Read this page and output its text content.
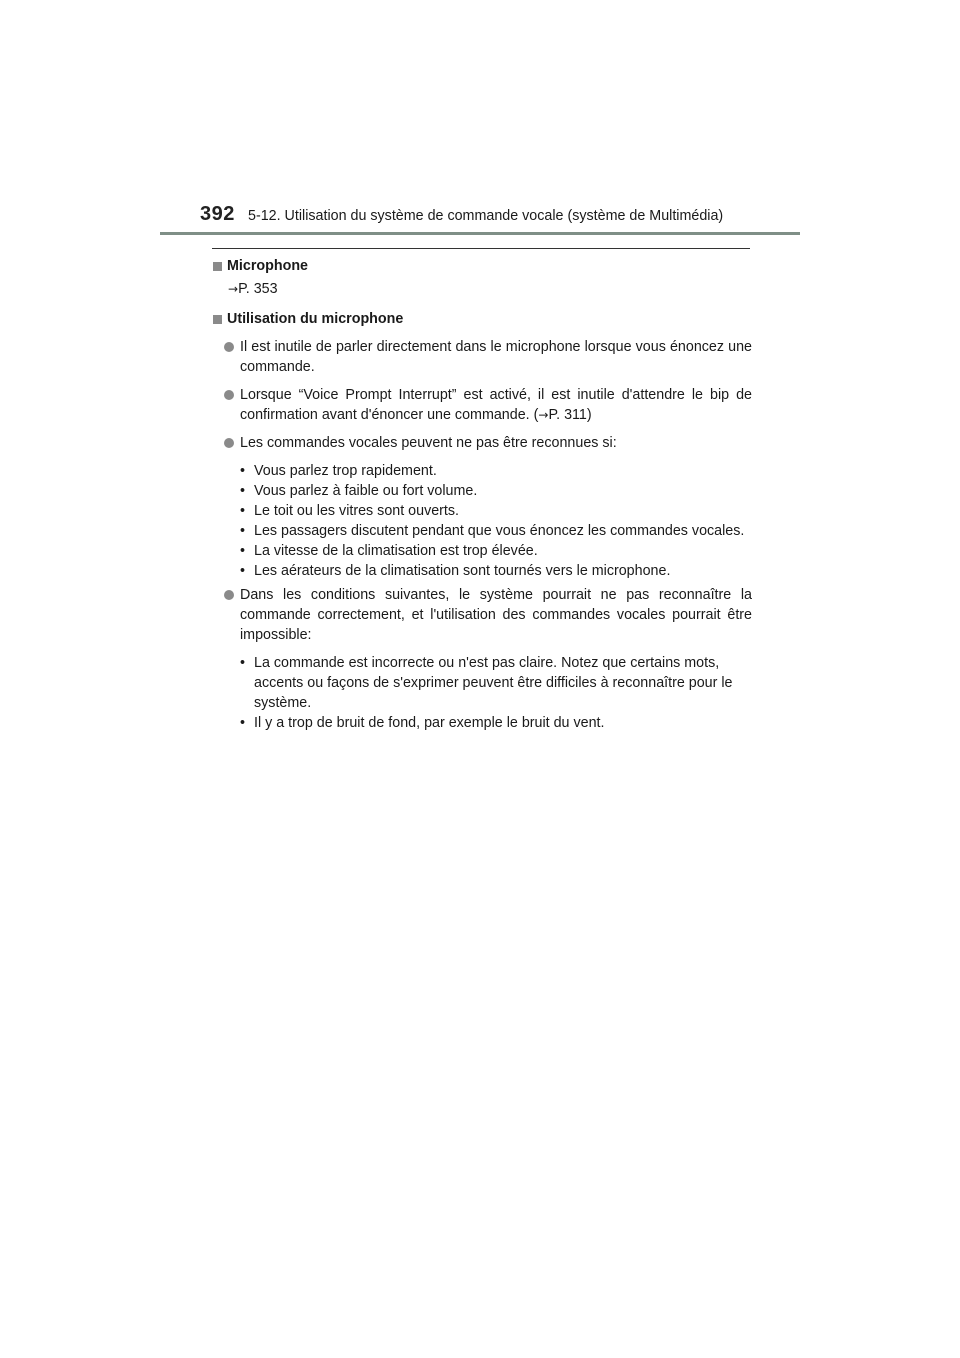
392 5-12. Utilisation du système de commande vocale (système de Multimédia)
Microphone
→P. 353
Utilisation du microphone
Il est inutile de parler directement dans le microphone lorsque vous énoncez une commande.
Lorsque “Voice Prompt Interrupt” est activé, il est inutile d'attendre le bip de confirmation avant d'énoncer une commande. (→P. 311)
Les commandes vocales peuvent ne pas être reconnues si:
• Vous parlez trop rapidement.
• Vous parlez à faible ou fort volume.
• Le toit ou les vitres sont ouverts.
• Les passagers discutent pendant que vous énoncez les commandes vocales.
• La vitesse de la climatisation est trop élevée.
• Les aérateurs de la climatisation sont tournés vers le microphone.
Dans les conditions suivantes, le système pourrait ne pas reconnaître la commande correctement, et l'utilisation des commandes vocales pourrait être impossible:
• La commande est incorrecte ou n'est pas claire. Notez que certains mots, accents ou façons de s'exprimer peuvent être difficiles à reconnaître pour le système.
• Il y a trop de bruit de fond, par exemple le bruit du vent.
